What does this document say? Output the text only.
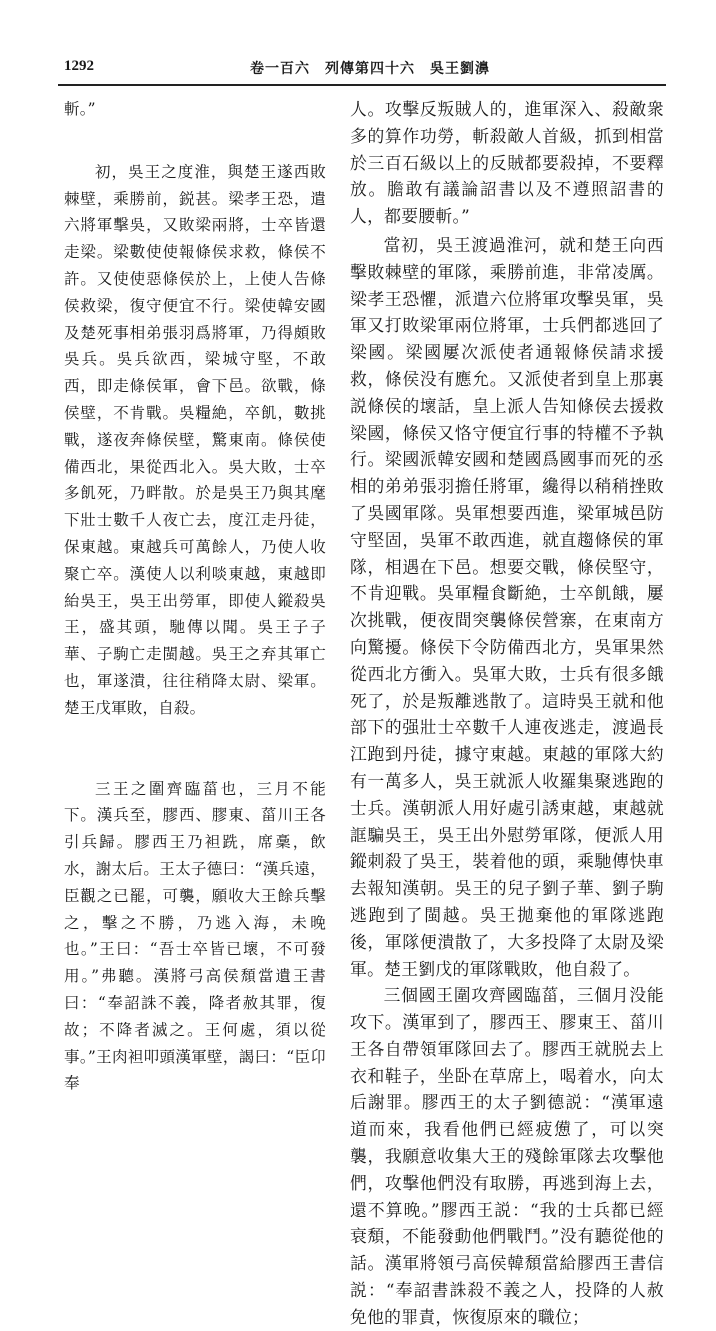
1292	卷一百六　列傳第四十六　吳王劉濞

斬。”

初，吳王之度淮，與楚王遂西敗棘壁，乘勝前，鋭甚。梁孝王恐，遣六將軍擊吳，又敗梁兩將，士卒皆還走梁。梁數使使報條侯求救，條侯不許。又使使惡條侯於上，上使人告條侯救梁，復守便宜不行。梁使韓安國及楚死事相弟張羽爲將軍，乃得頗敗吳兵。吳兵欲西，梁城守堅，不敢西，即走條侯軍，會下邑。欲戰，條侯壁，不肯戰。吳糧絶，卒飢，數挑戰，遂夜奔條侯壁，驚東南。條侯使備西北，果從西北入。吳大敗，士卒多飢死，乃畔散。於是吳王乃與其麾下壯士數千人夜亡去，度江走丹徒，保東越。東越兵可萬餘人，乃使人收聚亡卒。漢使人以利啖東越，東越即紿吳王，吳王出勞軍，即使人鏦殺吳王，盛其頭，馳傳以聞。吳王子子華、子駒亡走閩越。吳王之弃其軍亡也，軍遂潰，往往稍降太尉、梁軍。楚王戊軍敗，自殺。

三王之圍齊臨菑也，三月不能下。漢兵至，膠西、膠東、菑川王各引兵歸。膠西王乃袒跣，席稾，飲水，謝太后。王太子德曰：“漢兵遠，臣觀之已罷，可襲，願收大王餘兵擊之，擊之不勝，乃逃入海，未晚也。”王曰：“吾士卒皆已壞，不可發用。”弗聽。漢將弓高侯頹當遺王書曰：“奉詔誅不義，降者赦其罪，復故；不降者滅之。王何處，須以從事。”王肉袒叩頭漢軍壁，謁曰：“臣卬奉

人。攻擊反叛賊人的，進軍深入、殺敵衆多的算作功勞，斬殺敵人首級，抓到相當於三百石級以上的反賊都要殺掉，不要釋放。膽敢有議論詔書以及不遵照詔書的人，都要腰斬。”

當初，吳王渡過淮河，就和楚王向西擊敗棘壁的軍隊，乘勝前進，非常凌厲。梁孝王恐懼，派遣六位將軍攻擊吳軍，吳軍又打敗梁軍兩位將軍，士兵們都逃回了梁國。梁國屢次派使者通報條侯請求援救，條侯没有應允。又派使者到皇上那裏説條侯的壞話，皇上派人告知條侯去援救梁國，條侯又恪守便宜行事的特權不予執行。梁國派韓安國和楚國爲國事而死的丞相的弟弟張羽擔任將軍，纔得以稍稍挫敗了吳國軍隊。吳軍想要西進，梁軍城邑防守堅固，吳軍不敢西進，就直趨條侯的軍隊，相遇在下邑。想要交戰，條侯堅守，不肯迎戰。吳軍糧食斷絶，士卒飢餓，屢次挑戰，便夜間突襲條侯營寨，在東南方向驚擾。條侯下令防備西北方，吳軍果然從西北方衝入。吳軍大敗，士兵有很多餓死了，於是叛離逃散了。這時吳王就和他部下的强壯士卒數千人連夜逃走，渡過長江跑到丹徒，據守東越。東越的軍隊大約有一萬多人，吳王就派人收羅集聚逃跑的士兵。漢朝派人用好處引誘東越，東越就誆騙吳王，吳王出外慰勞軍隊，便派人用鏦刺殺了吳王，裝着他的頭，乘馳傳快車去報知漢朝。吳王的兒子劉子華、劉子駒逃跑到了閩越。吳王拋棄他的軍隊逃跑後，軍隊便潰散了，大多投降了太尉及梁軍。楚王劉戊的軍隊戰敗，他自殺了。

三個國王圍攻齊國臨菑，三個月没能攻下。漢軍到了，膠西王、膠東王、菑川王各自帶領軍隊回去了。膠西王就脱去上衣和鞋子，坐卧在草席上，喝着水，向太后謝罪。膠西王的太子劉德説：“漢軍遠道而來，我看他們已經疲憊了，可以突襲，我願意收集大王的殘餘軍隊去攻擊他們，攻擊他們没有取勝，再逃到海上去，還不算晚。”膠西王説：“我的士兵都已經衰頽，不能發動他們戰鬥。”没有聽從他的話。漢軍將領弓高侯韓頹當給膠西王書信説：“奉詔書誅殺不義之人，投降的人赦免他的罪責，恢復原來的職位；
